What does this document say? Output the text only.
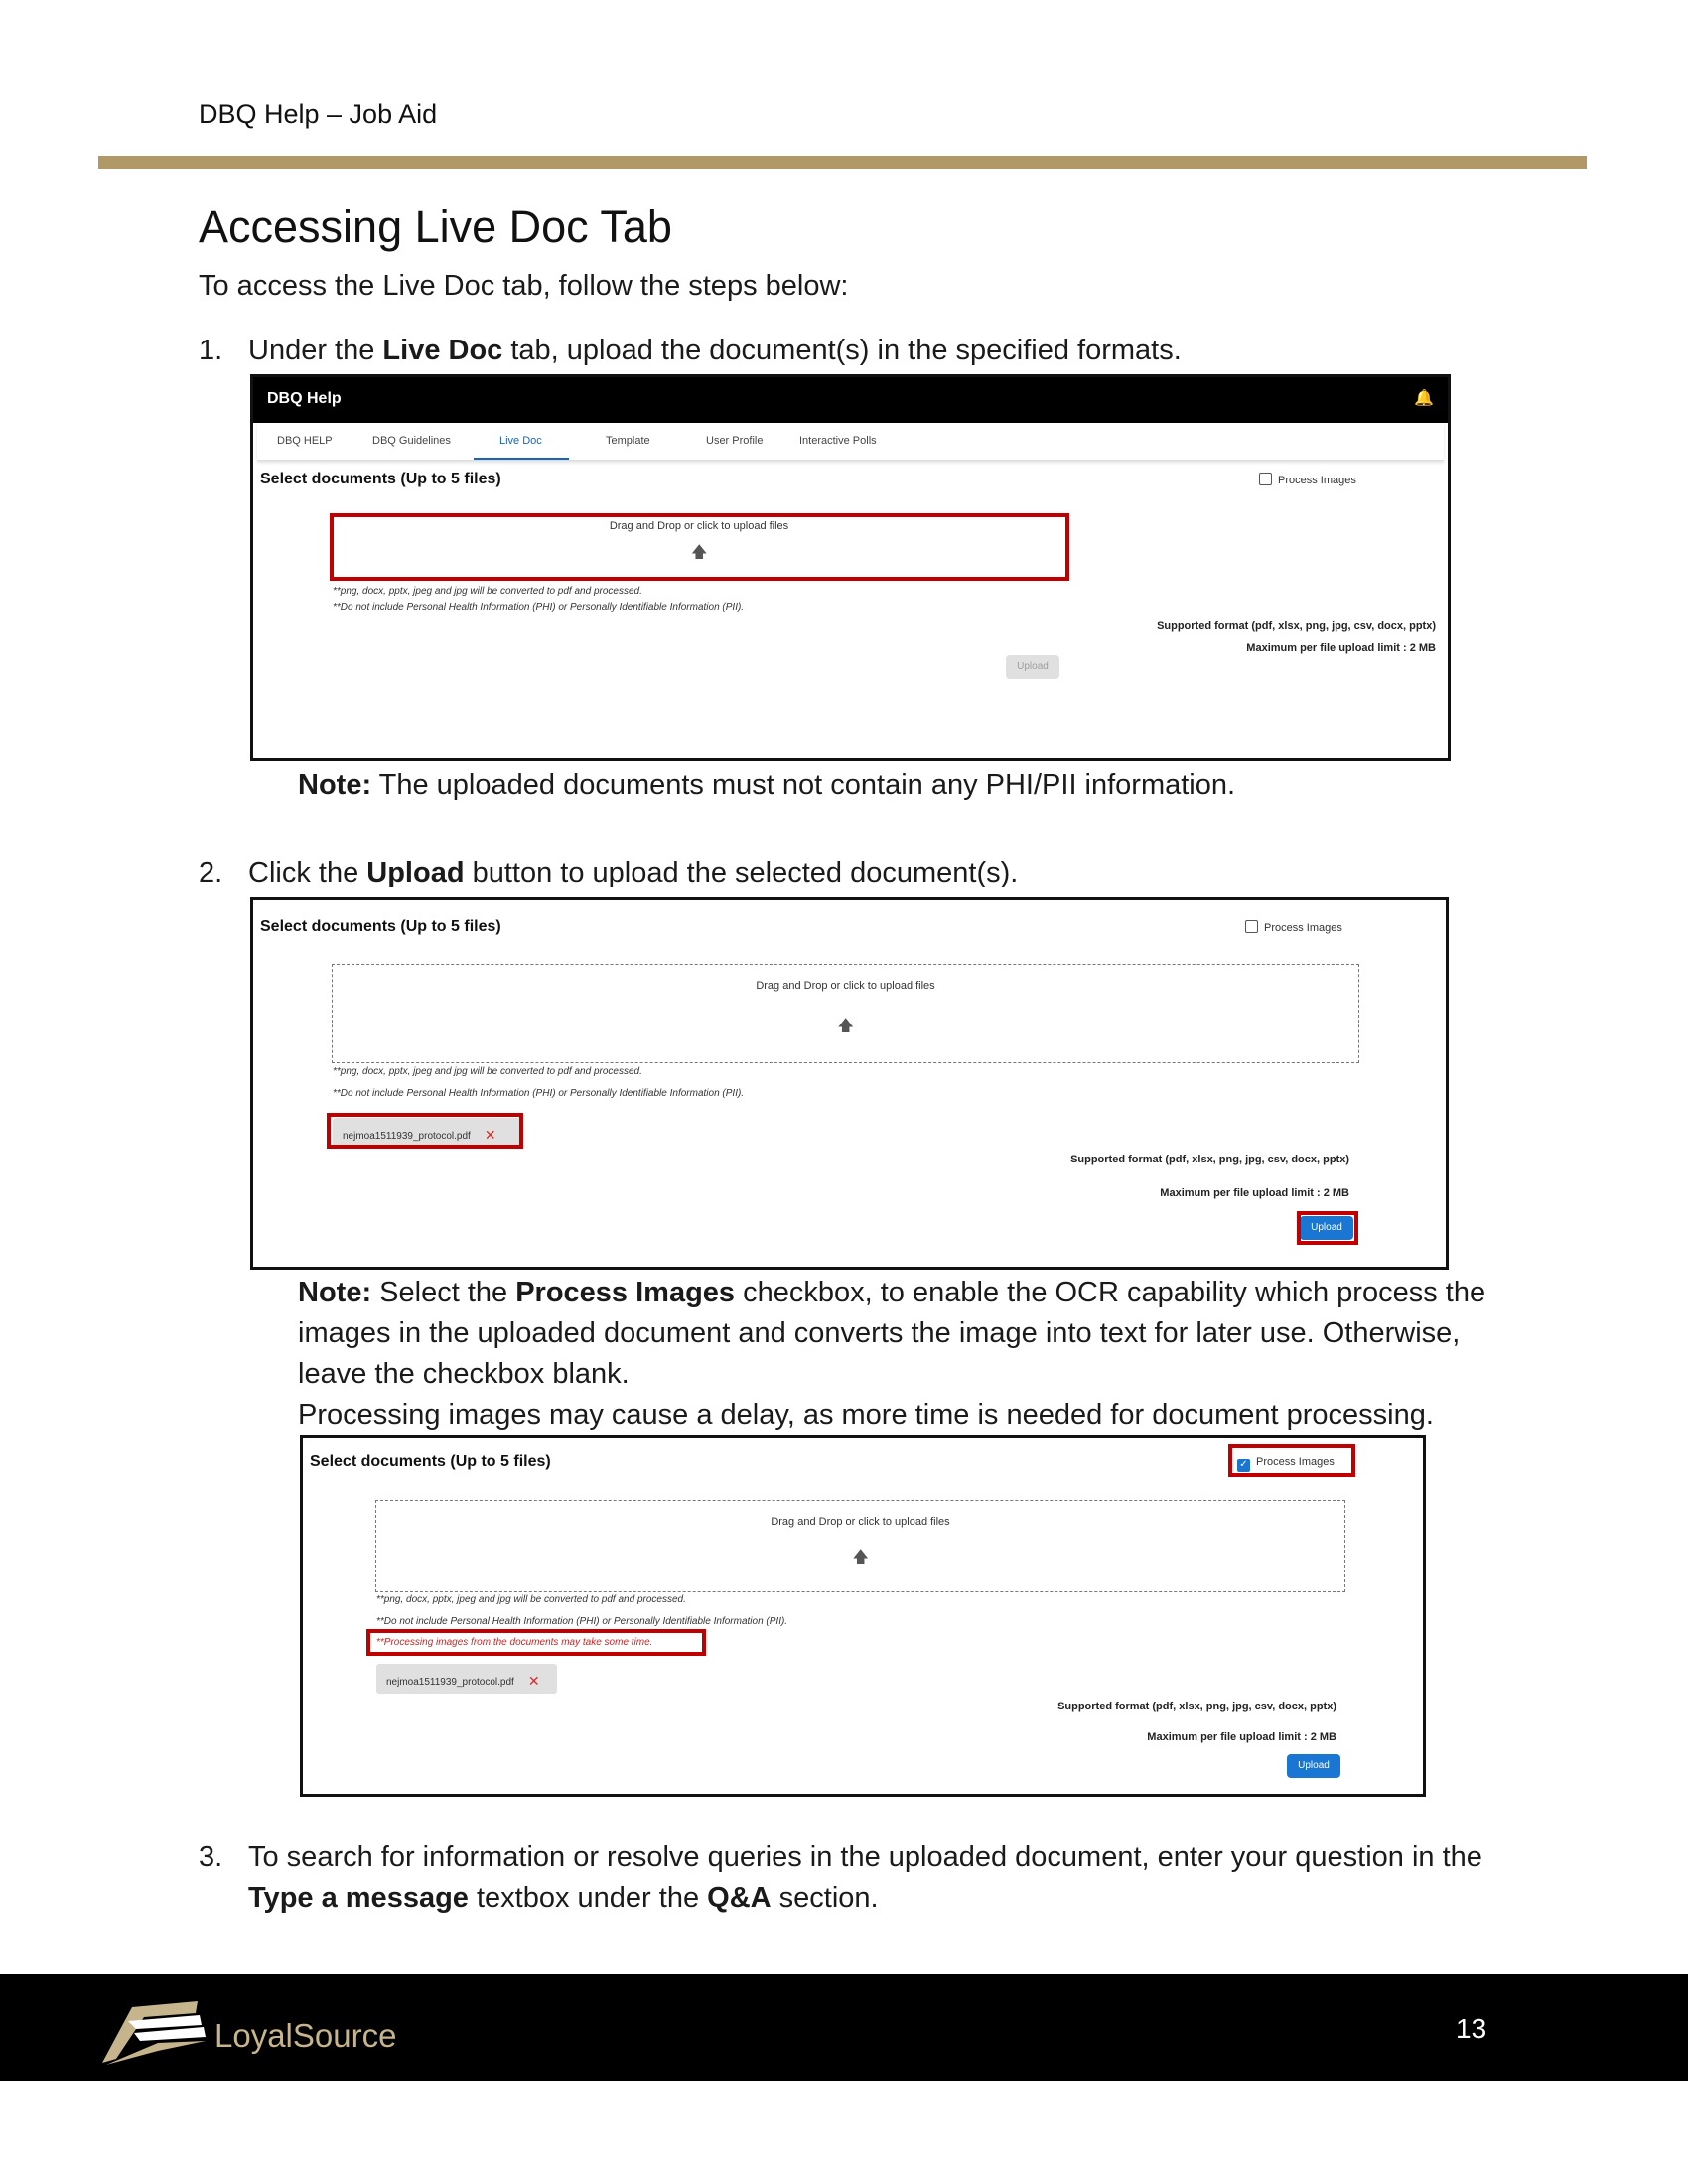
DBQ Help – Job Aid
Accessing Live Doc Tab

To access the Live Doc tab, follow the steps below:

1. Under the Live Doc tab, upload the document(s) in the specified formats.
DBQ Help	🔔
DBQ HELP	DBQ Guidelines	Live Doc	Template	User Profile	Interactive Polls
Select documents (Up to 5 files)	Process Images
Drag and Drop or click to upload files
🡅
**png, docx, pptx, jpeg and jpg will be converted to pdf and processed.
**Do not include Personal Health Information (PHI) or Personally Identifiable Information (PII).
Supported format (pdf, xlsx, png, jpg, csv, docx, pptx)
Maximum per file upload limit : 2 MB
Upload
Note: The uploaded documents must not contain any PHI/PII information.
2. Click the Upload button to upload the selected document(s).
Select documents (Up to 5 files)	Process Images
Drag and Drop or click to upload files
🡅
**png, docx, pptx, jpeg and jpg will be converted to pdf and processed.
**Do not include Personal Health Information (PHI) or Personally Identifiable Information (PII).
nejmoa1511939_protocol.pdf ✕
Supported format (pdf, xlsx, png, jpg, csv, docx, pptx)
Maximum per file upload limit : 2 MB
Upload
Note: Select the Process Images checkbox, to enable the OCR capability which process the images in the uploaded document and converts the image into text for later use. Otherwise, leave the checkbox blank.
Processing images may cause a delay, as more time is needed for document processing.
Select documents (Up to 5 files)	✓ Process Images
Drag and Drop or click to upload files
🡅
**png, docx, pptx, jpeg and jpg will be converted to pdf and processed.
**Do not include Personal Health Information (PHI) or Personally Identifiable Information (PII).
**Processing images from the documents may take some time.
nejmoa1511939_protocol.pdf ✕
Supported format (pdf, xlsx, png, jpg, csv, docx, pptx)
Maximum per file upload limit : 2 MB
Upload
3. To search for information or resolve queries in the uploaded document, enter your question in the Type a message textbox under the Q&A section.
LoyalSource	13
